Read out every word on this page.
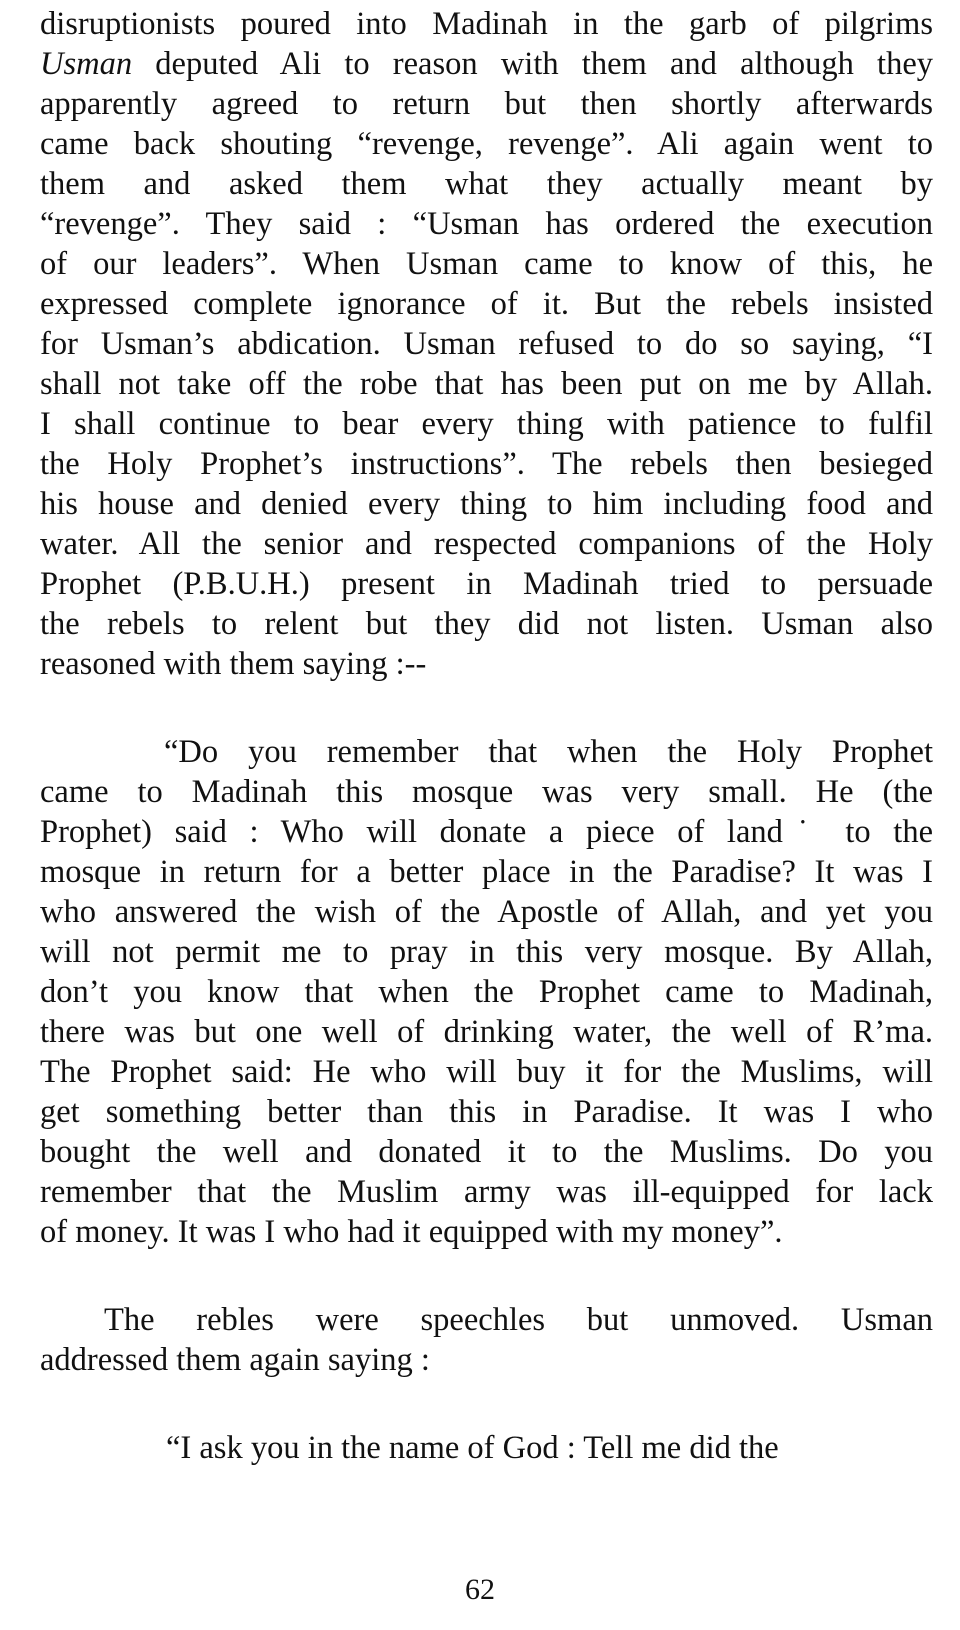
disruptionists poured into Madinah in the garb of pilgrims
Usman deputed Ali to reason with them and although they
apparently agreed to return but then shortly afterwards
came back shouting “revenge, revenge”. Ali again went to
them and asked them what they actually meant by
“revenge”. They said : “Usman has ordered the execution
of our leaders”. When Usman came to know of this, he
expressed complete ignorance of it. But the rebels insisted
for Usman’s abdication. Usman refused to do so saying, “I
shall not take off the robe that has been put on me by Allah.
I shall continue to bear every thing with patience to fulfil
the Holy Prophet’s instructions”. The rebels then besieged
his house and denied every thing to him including food and
water. All the senior and respected companions of the Holy
Prophet (P.B.U.H.) present in Madinah tried to persuade
the rebels to relent but they did not listen. Usman also
reasoned with them saying :--
“Do you remember that when the Holy Prophet
came to Madinah this mosque was very small. He (the
Prophet) said : Who will donate a piece of land˙ to the
mosque in return for a better place in the Paradise? It was I
who answered the wish of the Apostle of Allah, and yet you
will not permit me to pray in this very mosque. By Allah,
don’t you know that when the Prophet came to Madinah,
there was but one well of drinking water, the well of R’ma.
The Prophet said: He who will buy it for the Muslims, will
get something better than this in Paradise. It was I who
bought the well and donated it to the Muslims. Do you
remember that the Muslim army was ill-equipped for lack
of money. It was I who had it equipped with my money”.
The rebles were speechles but unmoved. Usman
addressed them again saying :
“I ask you in the name of God : Tell me did the
62
